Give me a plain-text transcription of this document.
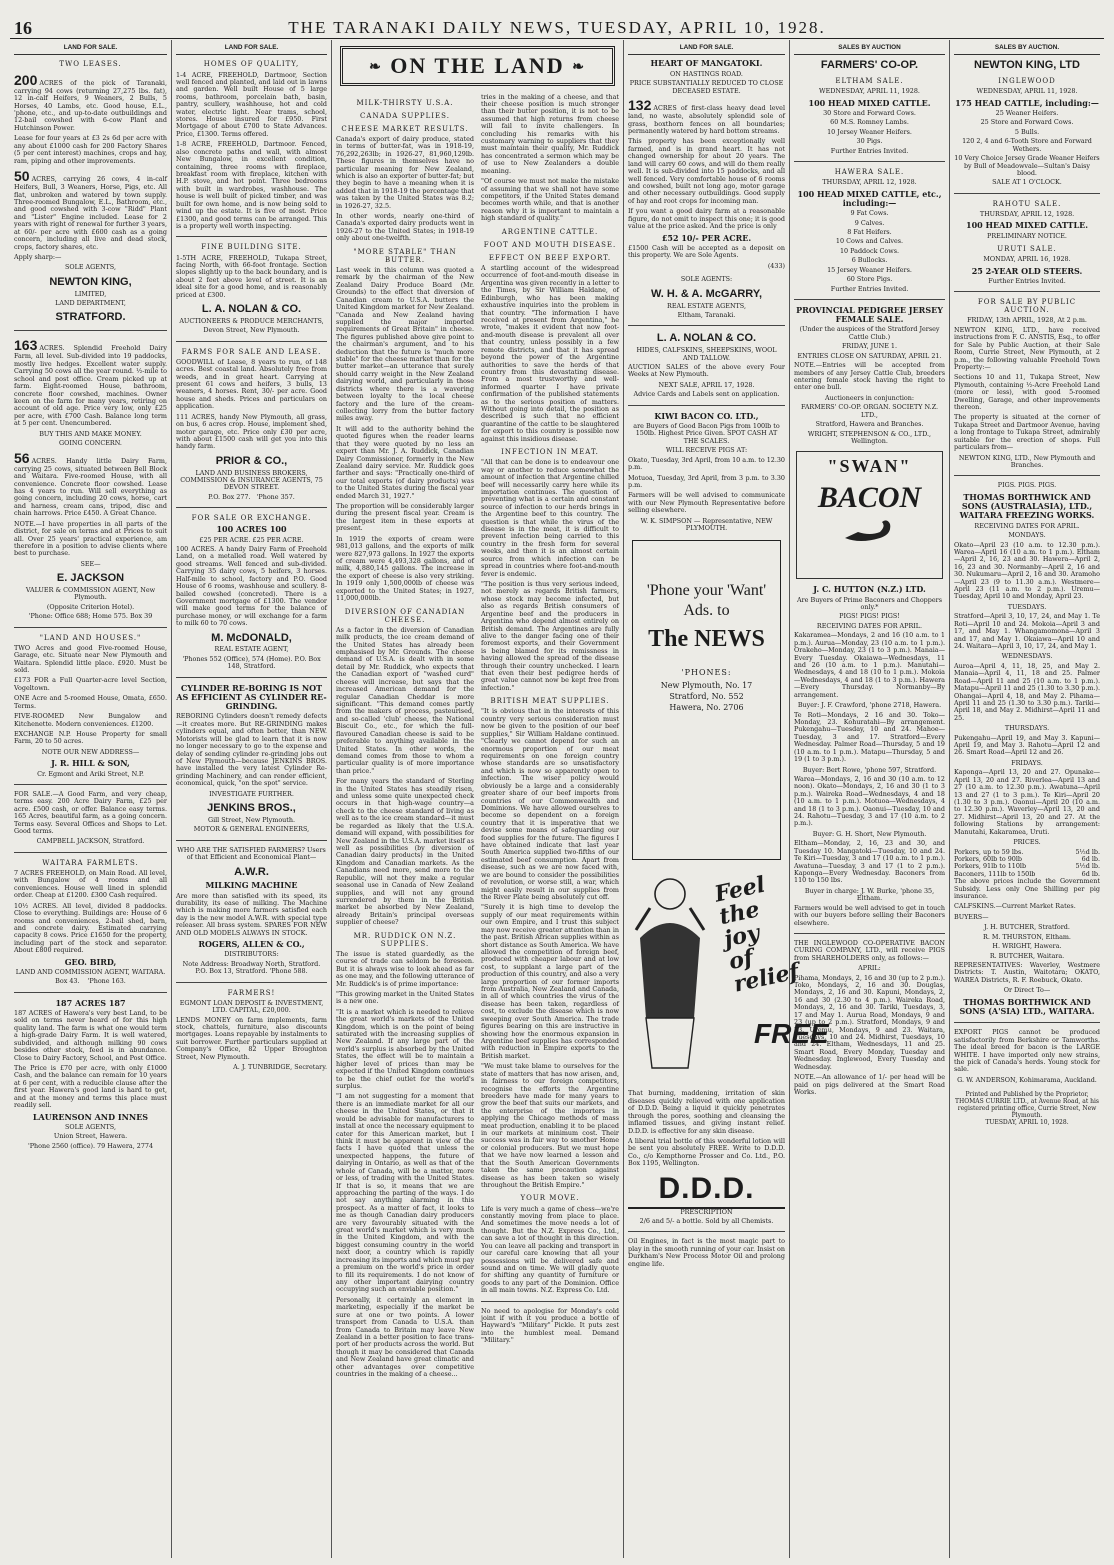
16	THE TARANAKI DAILY NEWS, TUESDAY, APRIL 10, 1928.
LAND FOR SALE.
TWO LEASES.

200 ACRES of the pick of Taranaki, carrying 94 cows (returning 27,275 lbs. fat), 12 in-calf Heifers, 9 Weaners, 2 Bulls, 5 Horses, 40 Lambs, etc. Good house, E.L., 'phone, etc., and up-to-date outbuildings and 12-bail cowshed with 6-cow Plant and Hutchinson Power.

Lease for four years at £3 2s 6d per acre with any about £1000 cash for 200 Factory Shares (5 per cent interest) machines, crops and hay, ram, piping and other improvements.

50 ACRES, carrying 26 cows, 4 in-calf Heifers, Bull, 3 Weaners, Horse, Pigs, etc. All flat, unbroken and watered by town supply. Three-roomed Bungalow, E.L., Bathroom, etc., and good cowshed with 3-cow "Ridd" Plant and "Lister" Engine included. Lease for 2 years with right of renewal for further 3 years, at 60/- per acre with £600 cash as a going concern, including all live and dead stock, crops, factory shares, etc.

Apply sharp:—

SOLE AGENTS,

NEWTON KING,

LIMITED,

LAND DEPARTMENT,

STRATFORD.

163 ACRES. Splendid Freehold Dairy Farm, all level. Sub-divided into 19 paddocks, mostly live hedges. Excellent water supply. Carrying 50 cows all the year round. ½-mile to school and post office. Cream picked up at farm. Eight-roomed House, bathroom, concrete floor cowshed, machines. Owner keen on the farm for many years, retiring on account of old age. Price very low, only £25 per acre, with £700 Cash. Balance long term at 5 per cent. Unencumbered.

BUY THIS AND MAKE MONEY.

GOING CONCERN.

56 ACRES. Handy little Dairy Farm, carrying 25 cows, situated between Bell Block and Waitara. Five-roomed House, with all convenience. Concrete floor cowshed. Lease has 4 years to run. Will sell everything as going concern, including 20 cows, horse, cart and harness, cream cans, tripod, disc and chain harrows. Price £450. A Great Chance.

NOTE.—I have properties in all parts of the district, for sale on terms and at Prices to suit all. Over 25 years' practical experience, am therefore in a position to advise clients where best to purchase.

SEE—

E. JACKSON

VALUER & COMMISSION AGENT, New Plymouth.

(Opposite Criterion Hotel).

'Phone: Office 688; Home 575. Box 39

"LAND AND HOUSES."

TWO Acres and good Five-roomed House, Garage, etc. Situate near New Plymouth and Waitara. Splendid little place. £920. Must be sold.

£173 FOR a Full Quarter-acre level Section, Vogeltown.

ONE Acre and 5-roomed House, Omata, £650. Terms.

FIVE-ROOMED New Bungalow and Kitchenette. Modern conveniences. £1200.

EXCHANGE N.P. House Property for small Farm, 20 to 50 acres.

NOTE OUR NEW ADDRESS—

J. R. HILL & SON,

Cr. Egmont and Ariki Street, N.P.

FOR SALE.—A Good Farm, and very cheap, terms easy. 200 Acre Dairy Farm, £25 per acre. £500 cash, or offer. Balance easy terms. 165 Acres, beautiful farm, as a going concern. Terms easy. Several Offices and Shops to Let. Good terms.

CAMPBELL JACKSON, Stratford.

WAITARA FARMLETS.

7 ACRES FREEHOLD, on Main Road. All level, with Bungalow of 4 rooms and all conveniences. House well lined in splendid order. Cheap at £1200. £300 Cash required.

10½ ACRES. All level, divided 8 paddocks. Close to everything. Buildings are: House of 6 rooms and conveniences, 2-bail shed, barn, and concrete dairy. Estimated carrying capacity 8 cows. Price £1650 for the property, including part of the stock and separator. About £800 required.

GEO. BIRD,

LAND AND COMMISSION AGENT, WAITARA.

Box 43. 'Phone 163.

187 ACRES 187

187 ACRES of Hawera's very best Land, to be sold on terms never heard of for this high quality land. The farm is what one would term a high-grade Dairy Farm. It is well watered, subdivided, and although milking 90 cows besides other stock, feed is in abundance. Close to Dairy Factory, School, and Post Office.

The Price is £70 per acre, with only £1000 Cash, and the balance can remain for 10 years at 6 per cent, with a reducible clause after the first year. Hawera's good land is hard to get, and at the money and terms this place must readily sell.

LAURENSON AND INNES

SOLE AGENTS,

Union Street, Hawera.

'Phone 2560 (office). 79 Hawera, 2774

LAND FOR SALE.
HOMES OF QUALITY,

1-4 ACRE, FREEHOLD, Dartmoor, Section well fenced and planted, and laid out in lawns and garden. Well built House of 5 large rooms, bathroom, porcelain bath, basin, pantry, scullery, washhouse, hot and cold water, electric light. Near trams, school, stores. House insured for £950. First Mortgage of about £700 to State Advances. Price, £1300. Terms offered.

1-8 ACRE, FREEHOLD, Dartmoor. Fenced, also concrete paths and wall, with almost New Bungalow, in excellent condition, containing, three rooms with fireplace, breakfast room with fireplace, kitchen with H.P. stove, and hot point. Three bedrooms with built in wardrobes, washhouse. The house is well built of picked timber, and was built for own home, and is now being sold to wind up the estate. It is five of most. Price £1300, and good terms can be arranged. This is a property well worth inspecting.

FINE BUILDING SITE.

1-5TH ACRE, FREEHOLD, Tukapa Street, facing North, with 66-foot frontage. Section slopes slightly up to the back boundary, and is about 2 feet above level of street. It is an ideal site for a good home, and is reasonably priced at £300.

L. A. NOLAN & CO.

AUCTIONEERS & PRODUCE MERCHANTS,

Devon Street, New Plymouth.

FARMS FOR SALE AND LEASE.

GOODWILL of Lease, 8 years to run, of 148 acres. Best coastal land. Absolutely free from weeds, and in great heart. Carrying at present 61 cows and heifers, 3 bulls, 13 weaners, 4 horses. Rent, 30/- per acre. Good house and sheds. Prices and particulars on application.

111 ACRES, handy New Plymouth, all grass, on bus, 6 acres crop. House, implement shed, motor garage, etc. Price only £30 per acre, with about £1500 cash will get you into this handy farm.

PRIOR & CO.,

LAND AND BUSINESS BROKERS, COMMISSION & INSURANCE AGENTS, 75 DEVON STREET.

P.O. Box 277. 'Phone 357.

FOR SALE OR EXCHANGE.
100 ACRES 100

£25 PER ACRE. £25 PER ACRE.

100 ACRES. A handy Dairy Farm of Freehold Land, on a metalled road. Well watered by good streams. Well fenced and sub-divided. Carrying 35 dairy cows, 5 heifers, 3 horses. Half-mile to school, factory and P.O. Good House of 6 rooms, washhouse and scullery. 8-bailed cowshed (concreted). There is a Government mortgage of £1300. The vendor will make good terms for the balance of purchase money, or will exchange for a farm to milk 60 to 70 cows.

M. McDONALD,

REAL ESTATE AGENT,

'Phones 552 (Office), 574 (Home). P.O. Box 148, Stratford.

CYLINDER RE-BORING IS NOT AS EFFICIENT AS CYLINDER RE-GRINDING.

REBORING Cylinders doesn't remedy defects—it creates more. But RE-GRINDING makes cylinders equal, and often better, than NEW. Motorists will be glad to learn that it is now no longer necessary to go to the expense and delay of sending cylinder re-grinding jobs out of New Plymouth—because JENKINS BROS. have installed the very latest Cylinder Re-grinding Machinery, and can render efficient, economical, quick, "on the spot" service.

INVESTIGATE FURTHER.

JENKINS BROS.,

Gill Street, New Plymouth.

MOTOR & GENERAL ENGINEERS,

WHO ARE THE SATISFIED FARMERS? Users of that Efficient and Economical Plant—

A.W.R.
MILKING MACHINE

Are more than satisfied with its speed, its durability, its ease of milking. The Machine which is making more farmers satisfied each day is the new model A.W.R. with special type releaser. All brass system. SPARES FOR NEW AND OLD MODELS ALWAYS IN STOCK.

ROGERS, ALLEN & CO.,

DISTRIBUTORS:

Note Address: Broadway North, Stratford. P.O. Box 13, Stratford. 'Phone 588.

FARMERS!

EGMONT LOAN DEPOSIT & INVESTMENT, LTD. CAPITAL, £20,000.

LENDS MONEY on farm implements, farm stock, chattels, furniture, also discounts mortgages. Loans repayable by instalments to suit borrower. Further particulars supplied at Company's Office, 82 Upper Broughton Street, New Plymouth.

A. J. TUNBRIDGE, Secretary.

❧ ON THE LAND ❧
MILK-THIRSTY U.S.A.
CANADA SUPPLIES.
CHEESE MARKET RESULTS.

Canada's export of dairy produce, stated in terms of butter-fat, was in 1918-19, 76,292,263lb; in 1926-27, 81,960,129lb. These figures in themselves have no particular meaning for New Zealand, which is also an exporter of butter-fat; but they begin to have a meaning when it is added that in 1918-19 the percentage that was taken by the United States was 8.2; in 1926-27, 32.5.

In other words, nearly one-third of Canada's exported dairy products went in 1926-27 to the United States; in 1918-19 only about one-twelfth.

"MORE STABLE" THAN BUTTER.

Last week in this column was quoted a remark by the chairman of the New Zealand Dairy Produce Board (Mr. Grounds) to the effect that diversion of Canadian cream to U.S.A. butters the United Kingdom market for New Zealand. "Canada and New Zealand having supplied the major imported requirements of Great Britain" in cheese. The figures published above give point to the chairman's argument, and to his deduction that the future is "much more stable" for the cheese market than for the butter market—an utterance that surely should carry weight in the New Zealand dairying world, and particularly in those districts where there is a wavering between loyalty to the local cheese factory and the lure of the cream-collecting lorry from the butter factory miles away.

It will add to the authority behind the quoted figures when the reader learns that they were quoted by no less an expert than Mr. J. A. Ruddick, Canadian Dairy Commissioner, formerly in the New Zealand dairy service. Mr. Ruddick goes farther and says: "Practically one-third of our total exports (of dairy products) was to the United States during the fiscal year ended March 31, 1927."

The proportion will be considerably larger during the present fiscal year. Cream is the largest item in these exports at present.

In 1919 the exports of cream were 981,013 gallons, and the exports of milk were 827,973 gallons. In 1927 the exports of cream were 4,493,328 gallons, and of milk, 4,880,145 gallons. The increase in the export of cheese is also very striking. In 1919 only 1,500,000lb of cheese was exported to the United States; in 1927, 11,000,000lb.

DIVERSION OF CANADIAN CHEESE.

As a factor in the diversion of Canadian milk products, the ice cream demand of the United States has already been emphasised by Mr. Grounds. The cheese demand of U.S.A. is dealt with in some detail by Mr. Ruddick, who expects that the Canadian export of "washed curd" cheese will increase, but says that the increased American demand for the regular Canadian Cheddar is more significant. "This demand comes partly from the makers of process, pasteurised, and so-called 'club' cheese, the National Biscuit Co., etc., for which the full-flavoured Canadian cheese is said to be preferable to anything available in the United States. In other words, the demand comes from those to whom a particular quality is of more importance than price."

For many years the standard of Sterling in the United States has steadily risen, and unless some quite unexpected check occurs in that high-wage country—a check to the cheese standard of living as well as to the ice cream standard—it must be regarded as likely that the U.S.A. demand will expand, with possibilities for New Zealand in the U.S.A. market itself as well as possibilities (by diversion of Canadian dairy products) in the United Kingdom and Canadian markets. As the Canadians need more, send more to the Republic, will not they make a regular seasonal use in Canada of New Zealand supplies, and will not any ground surrendered by them in the British market be absorbed by New Zealand, already Britain's principal overseas supplier of cheese?

MR. RUDDICK ON N.Z. SUPPLIES.

The issue is stated guardedly, as the course of trade can seldom be foreseen. But it is always wise to look ahead as far as one may, and the following utterance of Mr. Ruddick's is of prime importance:

"This growing market in the United States is a new one.

"It is a market which is needed to relieve the great world's markets of the United Kingdom, which is on the point of being saturated with the increasing supplies of New Zealand. If any large part of the world's surplus is absorbed by the United States, the effect will be to maintain a higher level of prices than may be expected if the United Kingdom continues to be the chief outlet for the world's surplus.

"I am not suggesting for a moment that there is an immediate market for all our cheese in the United States, or that it would be advisable for manufacturers to install at once the necessary equipment to cater for this American market, but I think it must be apparent in view of the facts I have quoted that unless the unexpected happens, the future of dairying in Ontario, as well as that of the whole of Canada, will be a matter, more or less, of trading with the United States. If that is so, it means that we are approaching the parting of the ways. I do not say anything alarming in this prospect. As a matter of fact, it looks to me as though Canadian dairy producers are very favourably situated with the great world's market which is very much in the United Kingdom, and with the biggest consuming country in the world next door, a country which is rapidly increasing its imports and which must pay a premium on the world's price in order to fill its requirements. I do not know of any other important dairying country occupying such an enviable position."

Personally, it certainly an element in marketing, especially if the market be sure at one or two points. A lower transport from Canada to U.S.A. than from Canada to Britain may leave New Zealand in a better position to face trans-port of her products across the world. But though it may be considered that Canada and New Zealand have great climatic and other advantages over competitive countries in the making of a cheese...

tries in the making of a cheese, and that their cheese position is much stronger than their butter position, it is not to be assumed that high returns from cheese will fail to invite challengers. In concluding his remarks with his customary warning to suppliers that they must maintain their quality, Mr. Ruddick has concentrated a sermon which may be of use to New Zealanders a double meaning.

"Of course we must not make the mistake of assuming that we shall not have some competitors, if the United States demand becomes worth while, and that is another reason why it is important to maintain a high standard of quality."

ARGENTINE CATTLE.
FOOT AND MOUTH DISEASE.
EFFECT ON BEEF EXPORT.

A startling account of the widespread occurrence of foot-and-mouth disease in Argentina was given recently in a letter to the Times, by Sir William Haldane, of Edinburgh, who has been making exhaustive inquiries into the problem in that country. "The information I have received at present from Argentina," he wrote, "makes it evident that now foot-and-mouth disease is prevalent all over that country, unless possibly in a few remote districts, and that it has spread beyond the power of the Argentine authorities to save the herds of that country from this devastating disease. From a most trustworthy and well-informed quarter I have private confirmation of the published statements as to the serious position of matters. Without going into detail, the position as described is such that no efficient quarantine of the cattle to be slaughtered for export to this country is possible now against this insidious disease.

INFECTION IN MEAT.

"All that can be done is to endeavour one way or another to reduce somewhat the amount of infection that Argentine chilled beef will necessarily carry here while its importation continues. The question of preventing what is a certain and constant source of infection to our herds brings in the Argentine beef to this country. The question is that while the virus of the disease is in the meat, it is difficult to prevent infection being carried to this country in the fresh form for several weeks, and then it is an almost certain source from which infection can be spread in countries where foot-and-mouth fever is endemic.

"The position is thus very serious indeed, not merely as regards British farmers, whose stock may become infected, but also as regards British consumers of Argentine beef and the producers in Argentina who depend almost entirely on British demand. The Argentines are fully alive to the danger facing one of their foremost exports, and their Government is being blamed for its remissness in having allowed the spread of the disease through their country unchecked. I learn that even their best pedigree herds of great value cannot now be kept free from infection."

BRITISH MEAT SUPPLIES.

"It is obvious that in the interests of this country very serious consideration must now be given to the position of our beef supplies," Sir William Haldane continued. "Clearly we cannot depend for such an enormous proportion of our meat requirements on one foreign country whose standards are so unsatisfactory and which is now so apparently open to infection. The wiser policy would obviously be a large and a considerably greater share of our beef imports from countries of our Commonwealth and Dominions. We have allowed ourselves to become so dependent on a foreign country that it is imperative that we devise some means of safeguarding our food supplies for the future. The figures I have obtained indicate that last year South America supplied two-fifths of our estimated beef consumption. Apart from disease, such as we are now faced with, we are bound to consider the possibilities of revolution, or worse still, a war, which might easily result in our supplies from the River Plate being absolutely cut off.

"Surely it is high time to develop the supply of our meat requirements within our own Empire, and I trust this subject may now receive greater attention than in the past. British African supplies within as short distance as South America. We have allowed the competition of foreign beef, produced with cheaper labour and at low cost, to supplant a large part of the production of this country, and also a very large proportion of our former imports from Australia, New Zealand and Canada, in all of which countries the virus of the disease has been taken, regardless of cost, to exclude the disease which is now sweeping over South America. The trade figures bearing on this are instructive in showing how the enormous expansion in Argentine beef supplies has corresponded with reduction in Empire exports to the British market.

"We must take blame to ourselves for the state of matters that has now arisen, and, in fairness to our foreign competitors, recognise the efforts the Argentine breeders have made for many years to grow the beef that suits our markets, and the enterprise of the importers in applying the Chicago methods of mass meat production, enabling it to be placed in our markets at minimum cost. Their success was in fair way to smother Home or colonial producers. But we must hope that we have now learned a lesson and that the South American Governments taken the same precaution against disease as has been taken so wisely throughout the British Empire."

YOUR MOVE.

Life is very much a game of chess—we're constantly moving from place to place. And sometimes the move needs a lot of thought. But the N.Z. Express Co., Ltd., can save a lot of thought in this direction. You can leave all packing and transport in our careful care knowing that all your possessions will be delivered safe and sound and on time. We will gladly quote for shifting any quantity of furniture or goods to any part of the Dominion. Office in all main towns. N.Z. Express Co. Ltd.

No need to apologise for Monday's cold joint if with it you produce a bottle of Hayward's "Military" Pickle. It puts zest into the humblest meal. Demand "Military."

LAND FOR SALE.
HEART OF MANGATOKI.

ON HASTINGS ROAD.

PRICE SUBSTANTIALLY REDUCED TO CLOSE DECEASED ESTATE.

132 ACRES of first-class heavy dead level land, no waste, absolutely splendid sole of grass, boxthorn fences on all boundaries; permanently watered by hard bottom streams.

This property has been exceptionally well farmed, and is in grand heart. It has not changed ownership for about 20 years. The land will carry 60 cows, and will do them really well. It is sub-divided into 15 paddocks, and all well fenced. Very comfortable house of 6 rooms and cowshed, built not long ago, motor garage and other necessary outbuildings. Good supply of hay and root crops for incoming man.

If you want a good dairy farm at a reasonable figure, do not omit to inspect this one; it is good value at the price asked. And the price is only

£52 10/- PER ACRE.

£1500 Cash will be accepted as a deposit on this property. We are Sole Agents.

(433)

SOLE AGENTS:

W. H. & A. McGARRY,

REAL ESTATE AGENTS,

Eltham, Taranaki.

L. A. NOLAN & CO.

HIDES, CALFSKINS, SHEEPSKINS, WOOL AND TALLOW.

AUCTION SALES of the above every Four Weeks at New Plymouth.

NEXT SALE, APRIL 17, 1928.

Advice Cards and Labels sent on application.

KIWI BACON CO. LTD.,

are Buyers of Good Bacon Pigs from 100lb to 150lb. Highest Price Given. SPOT CASH AT THE SCALES.

WILL RECEIVE PIGS AT:

Okato, Tuesday, 3rd April, from 10 a.m. to 12.30 p.m.

Motuoa, Tuesday, 3rd April, from 3 p.m. to 3.30 p.m.

Farmers will be well advised to communicate with our New Plymouth Representative before selling elsewhere.

W. K. SIMPSON — Representative, NEW PLYMOUTH.

'Phone your 'Want' Ads. to
The NEWS
'PHONES:
New Plymouth, No. 17
Stratford, No. 552
Hawera, No. 2706
Feel the joy of relief
FREE

That burning, maddening, irritation of skin diseases quickly relieved with one application of D.D.D. Being a liquid it quickly penetrates through the pores, soothing and cleansing the inflamed tissues, and giving instant relief. D.D.D. is effective for any skin disease.

A liberal trial bottle of this wonderful lotion will be sent you absolutely FREE. Write to D.D.D. Co., c/o Kempthorne Prosser and Co. Ltd., P.O. Box 1195, Wellington.

D.D.D.

PRESCRIPTION

2/6 and 5/- a bottle. Sold by all Chemists.

Oil Engines, in fact is the most magic part to play in the smooth running of your car. Insist on Durkham's New Process Motor Oil and prolong engine life.

SALES BY AUCTION
FARMERS' CO-OP.
ELTHAM SALE.

WEDNESDAY, APRIL 11, 1928.

100 HEAD MIXED CATTLE.
30 Store and Forward Cows.
60 M.S. Romney Lambs.
10 Jersey Weaner Heifers.
30 Pigs.

Further Entries Invited.

HAWERA SALE.

THURSDAY, APRIL 12, 1928.

100 HEAD MIXED CATTLE, etc., including:—
9 Fat Cows.
9 Calves.
8 Fat Heifers.
10 Cows and Calves.
10 Paddock Cows.
6 Bullocks.
15 Jersey Weaner Heifers.
60 Store Pigs.

Further Entries Invited.

PROVINCIAL PEDIGREE JERSEY FEMALE SALE.

(Under the auspices of the Stratford Jersey Cattle Club.)

FRIDAY, JUNE 1.

ENTRIES CLOSE ON SATURDAY, APRIL 21.

NOTE.—Entries will be accepted from members of any Jersey Cattle Club, breeders entering female stock having the right to enter one bull.

Auctioneers in conjunction:

FARMERS' CO-OP. ORGAN. SOCIETY N.Z. LTD.,

Stratford, Hawera and Branches.

WRIGHT, STEPHENSON & CO., LTD., Wellington.

"SWAN"
BACON
J. C. HUTTON (N.Z.) LTD.

Are Buyers of Prime Baconers and Choppers only.*

PIGS! PIGS! PIGS!

RECEIVING DATES FOR APRIL.

Kakaramea—Mondays, 2 and 16 (10 a.m. to 1 p.m.). Aurua—Monday, 23 (10 a.m. to 1 p.m.). Orakeho—Monday, 23 (1 to 3 p.m.). Manaia—Every Tuesday. Okaiawa—Wednesdays, 11 and 26 (10 a.m. to 1 p.m.). Manutahi—Wednesdays, 4 and 18 (10 to 1 p.m.). Mokoia—Wednesdays, 4 and 18 (1 to 3 p.m.). Hawera—Every Thursday. Normanby—By arrangement.

Buyer: J. F. Crawford, 'phone 2718, Hawera.

Te Roti—Mondays, 2 16 and 30. Toko—Monday, 23. Kohuratahi—By arrangement. Pukengahu—Tuesday, 10 and 24. Mahoe—Tuesday, 3 and 17. Stratford—Every Wednesday. Palmer Road—Thursday, 5 and 19 (10 a.m. to 1 p.m.). Matapu—Thursday, 5 and 19 (1 to 3 p.m.).

Buyer: Bert Rowe, 'phone 597, Stratford.

Warea—Mondays, 2, 16 and 30 (10 a.m. to 12 noon). Okato—Mondays, 2, 16 and 30 (1 to 3 p.m.). Waireka Road—Wednesdays, 4 and 18 (10 a.m. to 1 p.m.). Motuoa—Wednesdays, 4 and 18 (1 to 3 p.m.). Oaonui—Tuesday, 10 and 24. Rahotu—Tuesday, 3 and 17 (10 a.m. to 2 p.m.).

Buyer: G. H. Short, New Plymouth.

Eltham—Monday, 2, 16, 23 and 30, and Tuesday 10. Mangatoki—Tuesday, 10 and 24. Te Kiri—Tuesday, 3 and 17 (10 a.m. to 1 p.m.). Awatuna—Tuesday, 3 and 17 (1 to 2 p.m.). Kaponga—Every Wednesday. Baconers from 110 to 150 lbs.

Buyer in charge: J. W. Burke, 'phone 35, Eltham.

Farmers would be well advised to get in touch with our buyers before selling their Baconers elsewhere.

THE INGLEWOOD CO-OPERATIVE BACON CURING COMPANY, LTD., will receive PIGS from SHAREHOLDERS only, as follows:—

APRIL:

Pihama, Mondays, 2, 16 and 30 (up to 2 p.m.). Toko, Mondays, 2, 16 and 30. Douglas, Mondays, 2, 16 and 30. Kapuni, Mondays, 2, 16 and 30 (2.30 to 4 p.m.). Waireka Road, Mondays, 2, 16 and 30. Tariki, Tuesdays, 3, 17 and May 1. Aurua Road, Mondays, 9 and 23 (up to 2 p.m.). Stratford, Mondays, 9 and 23. Uremu, Mondays, 9 and 23. Waitara, Tuesdays, 10 and 24. Midhirst, Tuesdays, 10 and 24. Eltham, Wednesdays, 11 and 25. Smart Road, Every Monday, Tuesday and Wednesday. Inglewood, Every Tuesday and Wednesday.

NOTE.—An allowance of 1/- per head will be paid on pigs delivered at the Smart Road Works.

SALES BY AUCTION.
NEWTON KING, LTD
INGLEWOOD

WEDNESDAY, APRIL 11, 1928.

175 HEAD CATTLE, including:—
25 Weaner Heifers.
25 Store and Forward Cows.
5 Bulls.
120 2, 4 and 6-Tooth Store and Forward Wethers.
10 Very Choice Jersey Grade Weaner Heifers by Bull of Meadowvale—Sultan's Daisy blood.

SALE AT 1 O'CLOCK.

RAHOTU SALE.

THURSDAY, APRIL 12, 1928.

100 HEAD MIXED CATTLE.

PRELIMINARY NOTICE.

URUTI SALE.

MONDAY, APRIL 16, 1928.

25 2-YEAR OLD STEERS.

Further Entries Invited.

FOR SALE BY PUBLIC AUCTION.

FRIDAY, 13th APRIL, 1928, At 2 p.m.

NEWTON KING, LTD., have received instructions from F. C. ANSTIS, Esq., to offer for Sale by Public Auction, at their Sale Room, Currie Street, New Plymouth, at 2 p.m., the following valuable Freehold Town Property:—

Sections 10 and 11, Tukapa Street, New Plymouth, containing ½-Acre Freehold Land (more or less), with good 5-roomed Dwelling, Garage, and other improvements thereon.

The property is situated at the corner of Tukapa Street and Dartmoor Avenue, having a long frontage to Tukapa Street, admirably suitable for the erection of shops. Full particulars from—

NEWTON KING, LTD., New Plymouth and Branches.

PIGS. PIGS. PIGS.

THOMAS BORTHWICK AND SONS (AUSTRALASIA), LTD., WAITARA FREEZING WORKS.

RECEIVING DATES FOR APRIL.

MONDAYS.

Okato—April 23 (10 a.m. to 12.30 p.m.). Warea—April 16 (10 a.m. to 1 p.m.). Eltham—April 2, 16, 23 and 30. Hawera—April 2, 16, 23 and 30. Normanby—April 2, 16 and 30. Nukumaru—April 2, 16 and 30. Aramoho—April 23 (9 to 11.30 a.m.). Westmere—April 23 (11 a.m. to 2 p.m.). Uremu—Tuesday, April 10 and Monday, April 23.

TUESDAYS.

Stratford—April 3, 10, 17, 24, and May 1. Te Roti—April 10 and 24. Mokoia—April 3 and 17, and May 1. Whangamomona—April 3 and 17, and May 1. Okaiawa—April 10 and 24. Waitara—April 3, 10, 17, 24, and May 1.

WEDNESDAYS.

Auroa—April 4, 11, 18, 25, and May 2. Manaia—April 4, 11, 18 and 25. Palmer Road—April 11 and 25 (10 a.m. to 1 p.m.). Matapu—April 11 and 25 (1.30 to 3.30 p.m.). Ohangai—April 4, 18, and May 2. Pihama—April 11 and 25 (1.30 to 3.30 p.m.). Tariki—April 18, and May 2. Midhirst—April 11 and 25.

THURSDAYS.

Pukengahu—April 19, and May 3. Kapuni—April 19, and May 3. Rahotu—April 12 and 26. Smart Road—April 12 and 26.

FRIDAYS.

Kaponga—April 13, 20 and 27. Opunake—April 13, 20 and 27. Riverlea—April 13 and 27 (10 a.m. to 12.30 p.m.). Awatuna—April 13 and 27 (1 to 3 p.m.). Te Kiri—April 20 (1.30 to 3 p.m.). Oaonui—April 20 (10 a.m. to 12.30 p.m.). Waverley—April 13, 20 and 27. Midhirst—April 13, 20 and 27. At the following Stations by arrangement: Manutahi, Kakaramea, Uruti.

PRICES.

Porkers, up to 59 lbs.	5½d lb.
Porkers, 60lb to 90lb	6d lb.
Porkers, 91lb to 110lb	5½d lb.
Baconers, 111lb to 150lb	6d lb.

The above prices include the Government Subsidy. Less only One Shilling per pig insurance.

CALFSKINS.—Current Market Rates.

BUYERS—

J. H. BUTCHER, Stratford.
R. M. THURSTON, Eltham.
H. WRIGHT, Hawera.
R. BUTCHER, Waitara.

REPRESENTATIVES: Waverley, Westmere Districts: T. Austin, Waitotara; OKATO, WAREA Districts, R. F. Roebuck, Okato.

Or Direct To—

THOMAS BORTHWICK AND SONS (A'SIA) LTD., WAITARA.

EXPORT PIGS cannot be produced satisfactorily from Berkshire or Tamworths. The ideal breed for bacon is the LARGE WHITE. I have imported only new strains, the pick of Canada's herds. Young stock for sale.

G. W. ANDERSON, Kohimarama, Auckland.

Printed and Published by the Proprietor, THOMAS CURRIE LTD., at Avenue Road, at his registered printing office, Currie Street, New Plymouth.
TUESDAY, APRIL 10, 1928.
